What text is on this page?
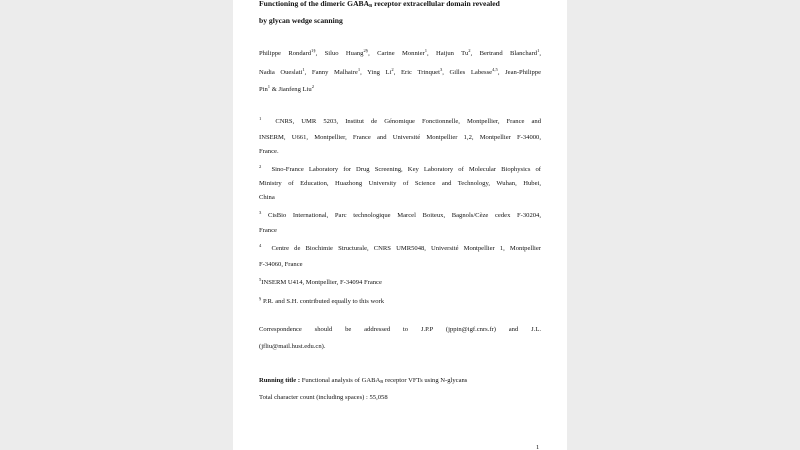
Functioning of the dimeric $GABA_B$ receptor extracellular domain revealed
by glycan wedge scanning
Philippe Rondard$^{1\S}$, Siluo Huang$^{2\S}$, Carine Monnier$^1$, Haijun Tu$^2$, Bertrand Blanchard$^1$,
Nadia Oueslati$^1$, Fanny Malhaire$^1$, Ying Li$^2$, Eric Trinquet$^3$, Gilles Labesse$^{4,5}$, Jean-Philippe
Pin$^1$ & Jianfeng Liu$^2$
$^1$ CNRS, UMR 5203, Institut de Génomique Fonctionnelle, Montpellier, France and
INSERM, U661, Montpellier, France and Université Montpellier 1,2, Montpellier F-34000,
France.
$^2$ Sino-France Laboratory for Drug Screening, Key Laboratory of Molecular Biophysics of
Ministry of Education, Huazhong University of Science and Technology, Wuhan, Hubei,
China
$^3$ CisBio International, Parc technologique Marcel Boiteux, Bagnols/Cèze cedex F-30204,
France
$^4$ Centre de Biochimie Structurale, CNRS UMR5048, Université Montpellier 1, Montpellier
F-34060, France
$^5$INSERM U414, Montpellier, F-34094 France
§ P.R. and S.H. contributed equally to this work
Correspondence should be addressed to J.P.P (jppin@igf.cnrs.fr) and J.L.
(jfliu@mail.hust.edu.cn).
Running title : Functional analysis of $GABA_B$ receptor VFTs using N-glycans
Total character count (including spaces) : 55,058
1
